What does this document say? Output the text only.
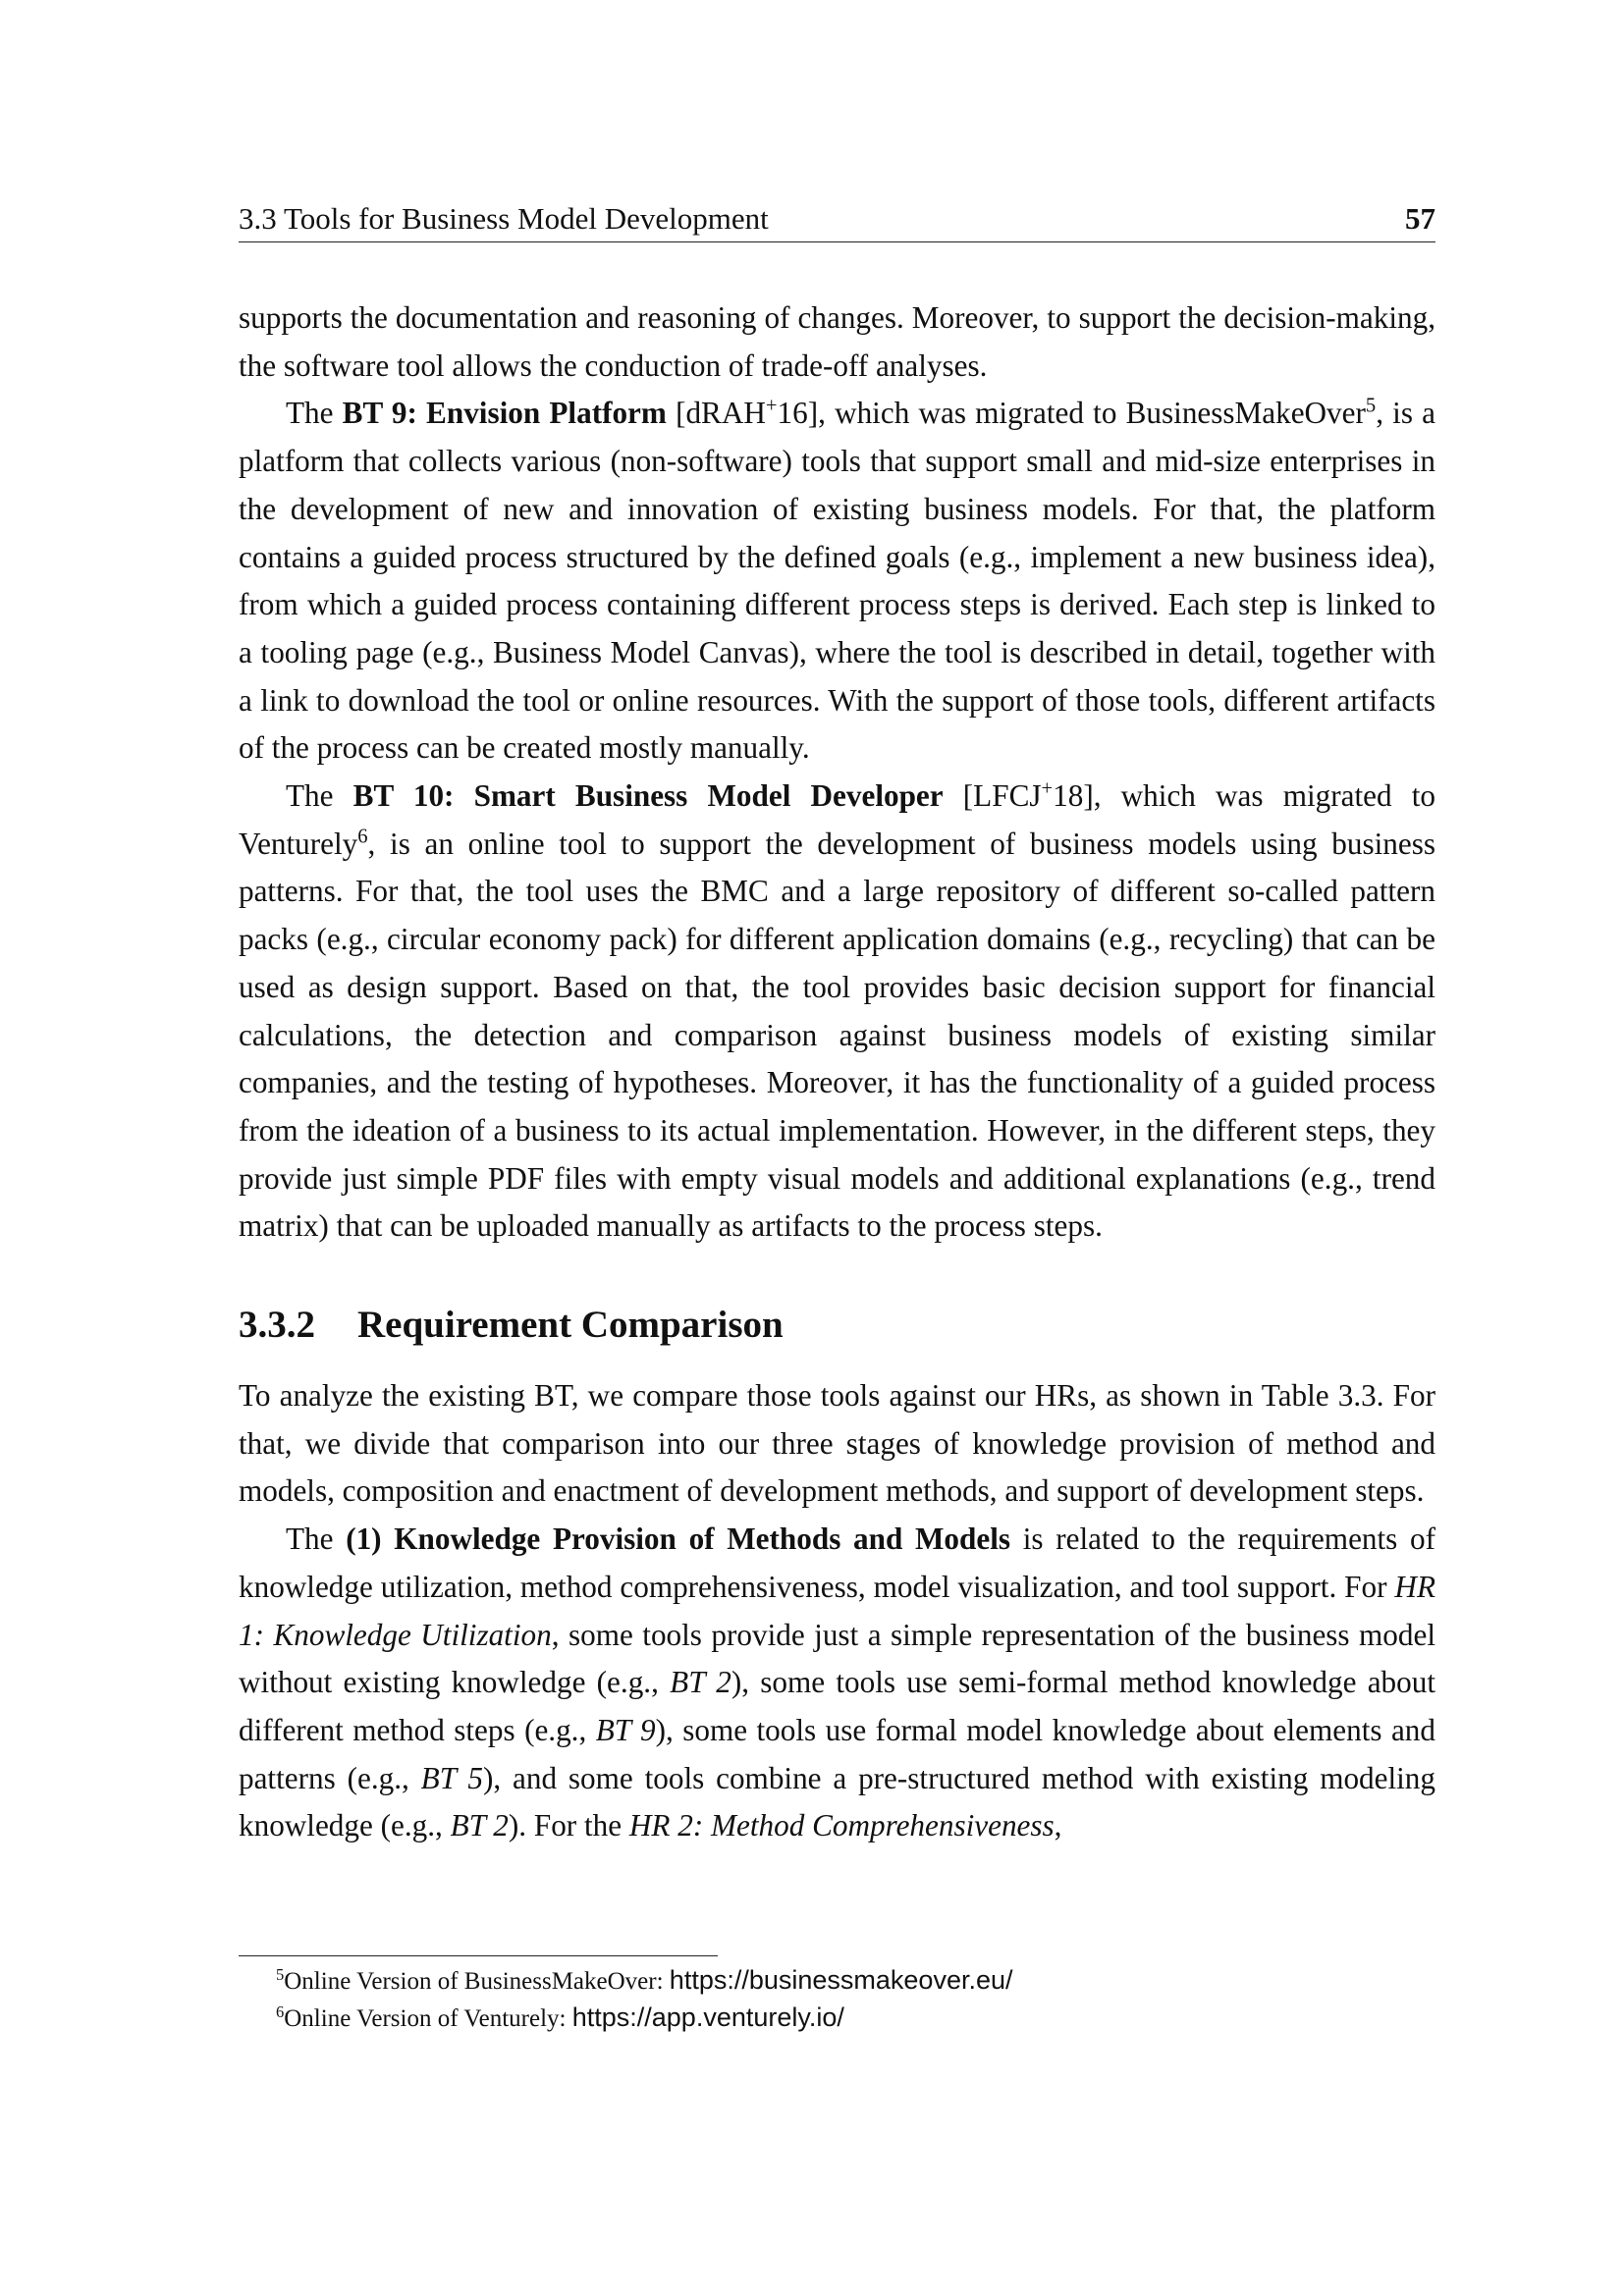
3.3 Tools for Business Model Development	57

supports the documentation and reasoning of changes. Moreover, to support the decision-making, the software tool allows the conduction of trade-off analyses.

The BT 9: Envision Platform [dRAH+16], which was migrated to BusinessMakeOver$^5$, is a platform that collects various (non-software) tools that support small and mid-size enterprises in the development of new and innovation of existing business models. For that, the platform contains a guided process structured by the defined goals (e.g., implement a new business idea), from which a guided process containing different process steps is derived. Each step is linked to a tooling page (e.g., Business Model Canvas), where the tool is described in detail, together with a link to download the tool or online resources. With the support of those tools, different artifacts of the process can be created mostly manually.

The BT 10: Smart Business Model Developer [LFCJ+18], which was migrated to Venturely$^6$, is an online tool to support the development of business models using business patterns. For that, the tool uses the BMC and a large repository of different so-called pattern packs (e.g., circular economy pack) for different application domains (e.g., recycling) that can be used as design support. Based on that, the tool provides basic decision support for financial calculations, the detection and comparison against business models of existing similar companies, and the testing of hypotheses. Moreover, it has the functionality of a guided process from the ideation of a business to its actual implementation. However, in the different steps, they provide just simple PDF files with empty visual models and additional explanations (e.g., trend matrix) that can be uploaded manually as artifacts to the process steps.

3.3.2 Requirement Comparison

To analyze the existing BT, we compare those tools against our HRs, as shown in Table 3.3. For that, we divide that comparison into our three stages of knowledge provision of method and models, composition and enactment of development methods, and support of development steps.

The (1) Knowledge Provision of Methods and Models is related to the requirements of knowledge utilization, method comprehensiveness, model visualization, and tool support. For HR 1: Knowledge Utilization, some tools provide just a simple representation of the business model without existing knowledge (e.g., BT 2), some tools use semi-formal method knowledge about different method steps (e.g., BT 9), some tools use formal model knowledge about elements and patterns (e.g., BT 5), and some tools combine a pre-structured method with existing modeling knowledge (e.g., BT 2). For the HR 2: Method Comprehensiveness,

$^5$Online Version of BusinessMakeOver: https://businessmakeover.eu/
$^6$Online Version of Venturely: https://app.venturely.io/
